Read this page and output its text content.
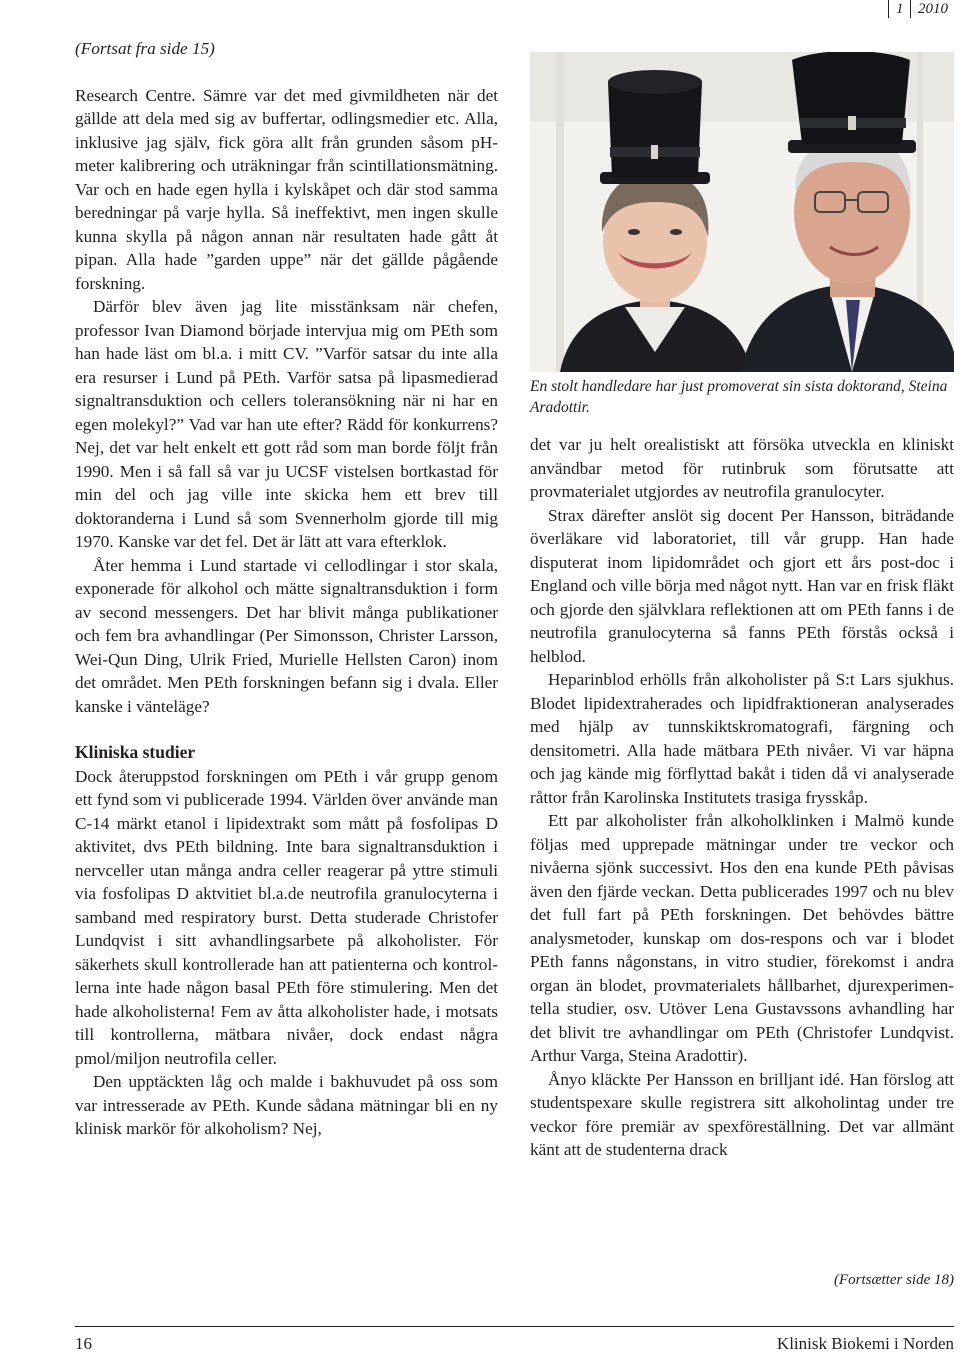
1 2010

(Fortsat fra side 15)

Research Centre. Sämre var det med givmildheten när det gällde att dela med sig av buffertar, odlingsmedier etc. Alla, inklusive jag själv, fick göra allt från grunden såsom pH-meter kalibrering och uträkningar från scintillationsmätning. Var och en hade egen hylla i kylskåpet och där stod samma beredningar på varje hylla. Så ineffektivt, men ingen skulle kunna skylla på någon annan när resultaten hade gått åt pipan. Alla hade ”garden uppe” när det gällde pågående forskning.

Därför blev även jag lite misstänksam när chefen, professor Ivan Diamond började intervjua mig om PEth som han hade läst om bl.a. i mitt CV. ”Varför satsar du inte alla era resurser i Lund på PEth. Varför satsa på lipasmedierad signaltransduktion och cellers toleransökning när ni har en egen molekyl?” Vad var han ute efter? Rädd för konkurrens? Nej, det var helt enkelt ett gott råd som man borde följt från 1990. Men i så fall så var ju UCSF vistelsen bortkastad för min del och jag ville inte skicka hem ett brev till doktoranderna i Lund så som Svennerholm gjorde till mig 1970. Kanske var det fel. Det är lätt att vara efterklok.

Åter hemma i Lund startade vi cellodlingar i stor skala, exponerade för alkohol och mätte signaltransduktion i form av second messengers. Det har blivit många publikationer och fem bra avhandlingar (Per Simonsson, Christer Larsson, Wei-Qun Ding, Ulrik Fried, Murielle Hellsten Caron) inom det området. Men PEth forskningen befann sig i dvala. Eller kanske i vänteläge?

Kliniska studier

Dock återuppstod forskningen om PEth i vår grupp genom ett fynd som vi publicerade 1994. Världen över använde man C-14 märkt etanol i lipidextrakt som mått på fosfolipas D aktivitet, dvs PEth bildning. Inte bara signaltransduktion i nervceller utan många andra celler reagerar på yttre stimuli via fosfolipas D aktvitiet bl.a.de neutrofila granulocyterna i samband med respiratory burst. Detta studerade Christofer Lundqvist i sitt avhandlingsarbete på alkoholister. För säkerhets skull kontrollerade han att patienterna och kontrollerna inte hade någon basal PEth före stimulering. Men det hade alkoholisterna! Fem av åtta alkoholister hade, i motsats till kontrollerna, mätbara nivåer, dock endast några pmol/miljon neutrofila celler.

Den upptäckten låg och malde i bakhuvudet på oss som var intresserade av PEth. Kunde sådana mätningar bli en ny klinisk markör för alkoholism? Nej,

En stolt handledare har just promoverat sin sista doktorand, Steina Aradottir.

det var ju helt orealistiskt att försöka utveckla en kliniskt användbar metod för rutinbruk som förutsatte att provmaterialet utgjordes av neutrofila granulocyter.

Strax därefter anslöt sig docent Per Hansson, biträdande överläkare vid laboratoriet, till vår grupp. Han hade disputerat inom lipidområdet och gjort ett års post-doc i England och ville börja med något nytt. Han var en frisk fläkt och gjorde den självklara reflektionen att om PEth fanns i de neutrofila granulocyterna så fanns PEth förstås också i helblod.

Heparinblod erhölls från alkoholister på S:t Lars sjukhus. Blodet lipidextraherades och lipidfraktioneran analyserades med hjälp av tunnskiktskromatografi, färgning och densitometri. Alla hade mätbara PEth nivåer. Vi var häpna och jag kände mig förflyttad bakåt i tiden då vi analyserade råttor från Karolinska Institutets trasiga frysskåp.

Ett par alkoholister från alkoholklinken i Malmö kunde följas med upprepade mätningar under tre veckor och nivåerna sjönk successivt. Hos den ena kunde PEth påvisas även den fjärde veckan. Detta publicerades 1997 och nu blev det full fart på PEth forskningen. Det behövdes bättre analysmetoder, kunskap om dos-respons och var i blodet PEth fanns någonstans, in vitro studier, förekomst i andra organ än blodet, provmaterialets hållbarhet, djurexperimentella studier, osv. Utöver Lena Gustavssons avhandling har det blivit tre avhandlingar om PEth (Christofer Lundqvist. Arthur Varga, Steina Aradottir).

Ånyo kläckte Per Hansson en brilljant idé. Han förslog att studentspexare skulle registrera sitt alkoholintag under tre veckor före premiär av spexföreställning. Det var allmänt känt att de studenterna drack

(Fortsætter side 18)
16	Klinisk Biokemi i Norden
